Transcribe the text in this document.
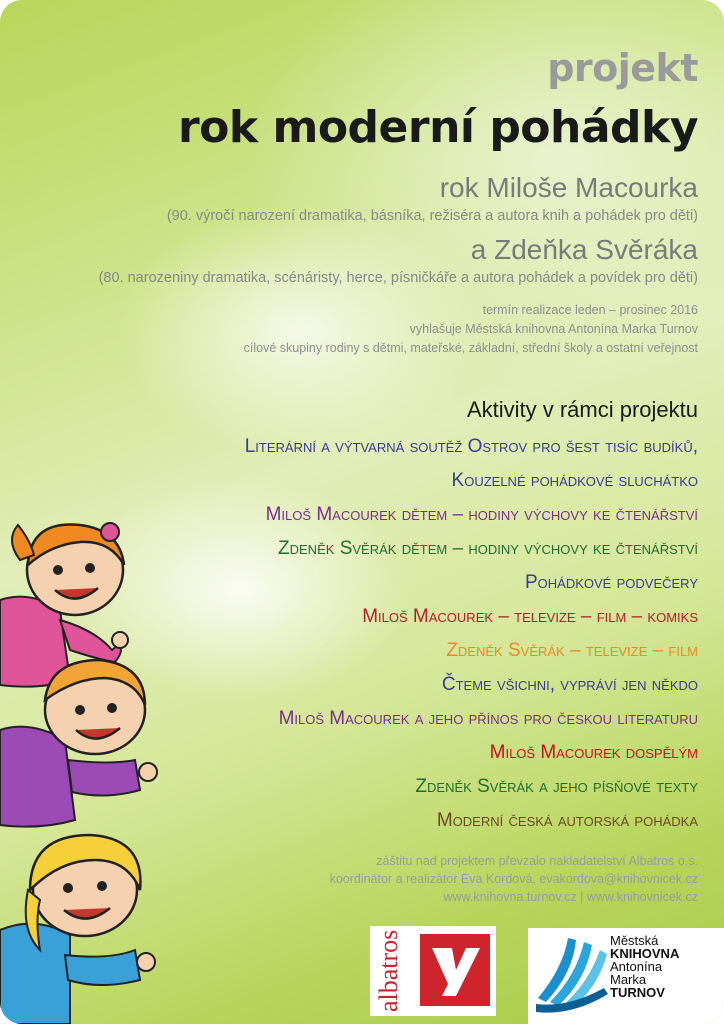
projekt
rok moderní pohádky
rok Miloše Macourka
(90. výročí narození dramatika, básníka, režiséra a autora knih a pohádek pro děti)
a Zdeňka Svěráka
(80. narozeniny dramatika, scénáristy, herce, písničkáře a autora pohádek a povídek pro děti)
termín realizace leden – prosinec 2016
vyhlašuje Městská knihovna Antonína Marka Turnov
cílové skupiny rodiny s dětmi, mateřské, základní, střední školy a ostatní veřejnost
Aktivity v rámci projektu
Literární a výtvarná soutěž Ostrov pro šest tisíc budíků,
Kouzelné pohádkové sluchátko
Miloš Macourek dětem – hodiny výchovy ke čtenářství
Zdeněk Svěrák dětem – hodiny výchovy ke čtenářství
Pohádkové podvečery
Miloš Macourek – televize – film – komiks
Zdeněk Svěrák – televize – film
Čteme všichni, vypráví jen někdo
Miloš Macourek a jeho přínos pro českou literaturu
Miloš Macourek dospělým
Zdeněk Svěrák a jeho písňové texty
Moderní česká autorská pohádka
záštitu nad projektem převzalo nakladatelství Albatros o.s.
koordinátor a realizátor Eva Kordová, evakordova@knihovnicek.cz
www.knihovna.turnov.cz | www.knihovnicek.cz
albatros	Městská
KNIHOVNA
Antonína
Marka
TURNOV
